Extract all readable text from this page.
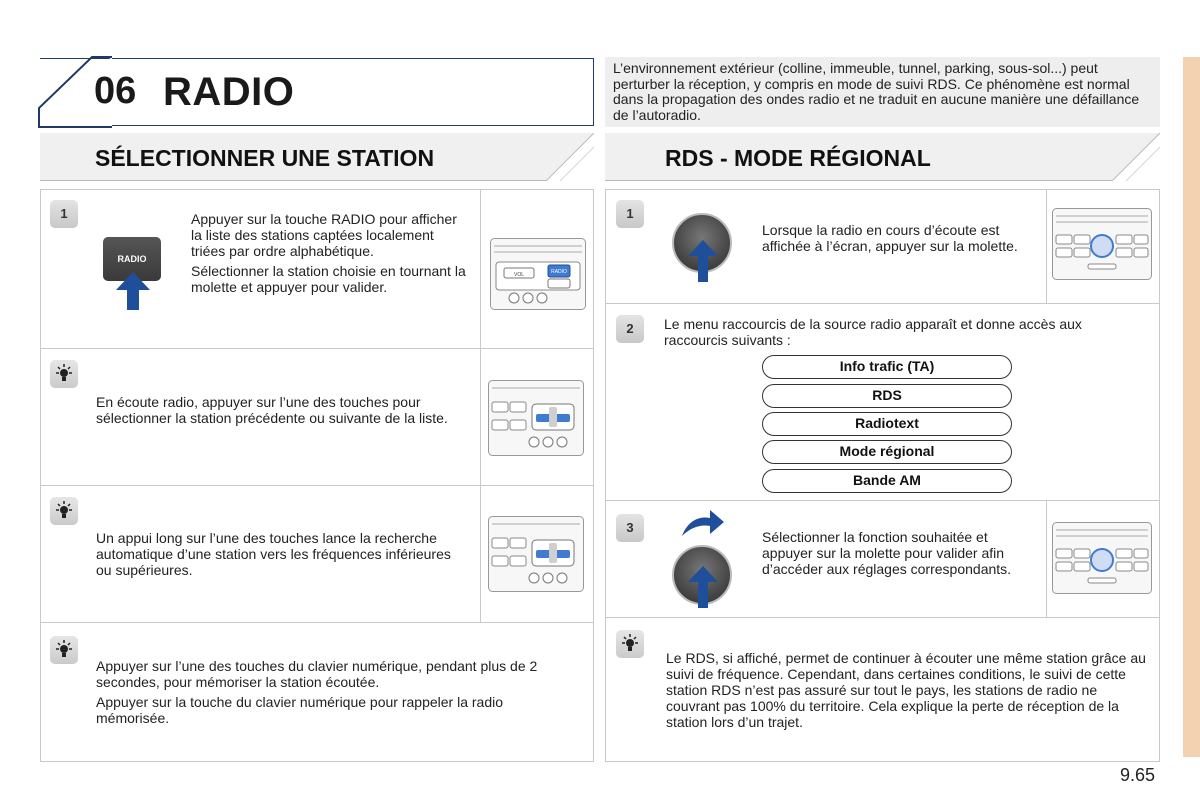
06 RADIO
L’environnement extérieur (colline, immeuble, tunnel, parking, sous-sol...) peut perturber la réception, y compris en mode de suivi RDS. Ce phénomène est normal dans la propagation des ondes radio et ne traduit en aucune manière une défaillance de l’autoradio.
SÉLECTIONNER UNE STATION
1
RADIO

Appuyer sur la touche RADIO pour afficher la liste des stations captées localement triées par ordre alphabétique.

Sélectionner la station choisie en tournant la molette et appuyer pour valider.

VOL	RADIO
En écoute radio, appuyer sur l’une des touches pour sélectionner la station précédente ou suivante de la liste.
Un appui long sur l’une des touches lance la recherche automatique d’une station vers les fréquences inférieures ou supérieures.

Appuyer sur l’une des touches du clavier numérique, pendant plus de 2 secondes, pour mémoriser la station écoutée.

Appuyer sur la touche du clavier numérique pour rappeler la radio mémorisée.

RDS - MODE RÉGIONAL
1
Lorsque la radio en cours d’écoute est affichée à l’écran, appuyer sur la molette.
2	Le menu raccourcis de la source radio apparaît et donne accès aux raccourcis suivants :
Info trafic (TA)
RDS
Radiotext
Mode régional
Bande AM
3
Sélectionner la fonction souhaitée et appuyer sur la molette pour valider afin d’accéder aux réglages correspondants.
Le RDS, si affiché, permet de continuer à écouter une même station grâce au suivi de fréquence. Cependant, dans certaines conditions, le suivi de cette station RDS n’est pas assuré sur tout le pays, les stations de radio ne couvrant pas 100% du territoire. Cela explique la perte de réception de la station lors d’un trajet.
9.65
